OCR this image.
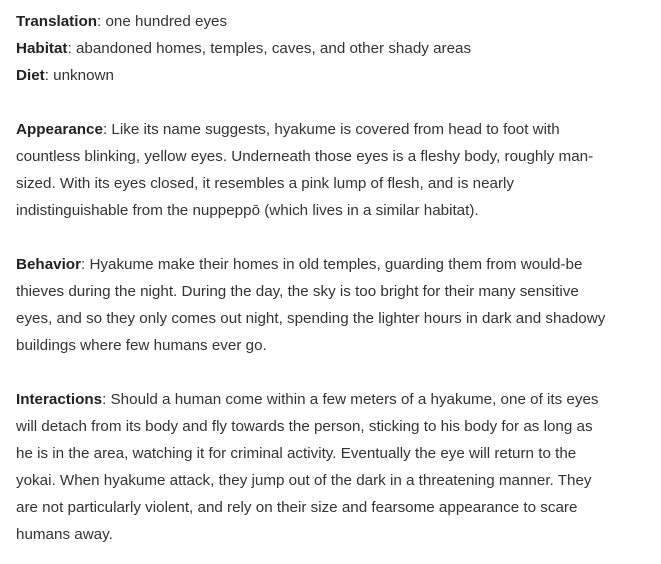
Translation: one hundred eyes

Habitat: abandoned homes, temples, caves, and other shady areas

Diet: unknown

Appearance: Like its name suggests, hyakume is covered from head to foot with

countless blinking, yellow eyes. Underneath those eyes is a fleshy body, roughly man-

sized. With its eyes closed, it resembles a pink lump of flesh, and is nearly

indistinguishable from the nuppeppō (which lives in a similar habitat).

Behavior: Hyakume make their homes in old temples, guarding them from would-be

thieves during the night. During the day, the sky is too bright for their many sensitive

eyes, and so they only comes out night, spending the lighter hours in dark and shadowy

buildings where few humans ever go.

Interactions: Should a human come within a few meters of a hyakume, one of its eyes

will detach from its body and fly towards the person, sticking to his body for as long as

he is in the area, watching it for criminal activity. Eventually the eye will return to the

yokai. When hyakume attack, they jump out of the dark in a threatening manner. They

are not particularly violent, and rely on their size and fearsome appearance to scare

humans away.
